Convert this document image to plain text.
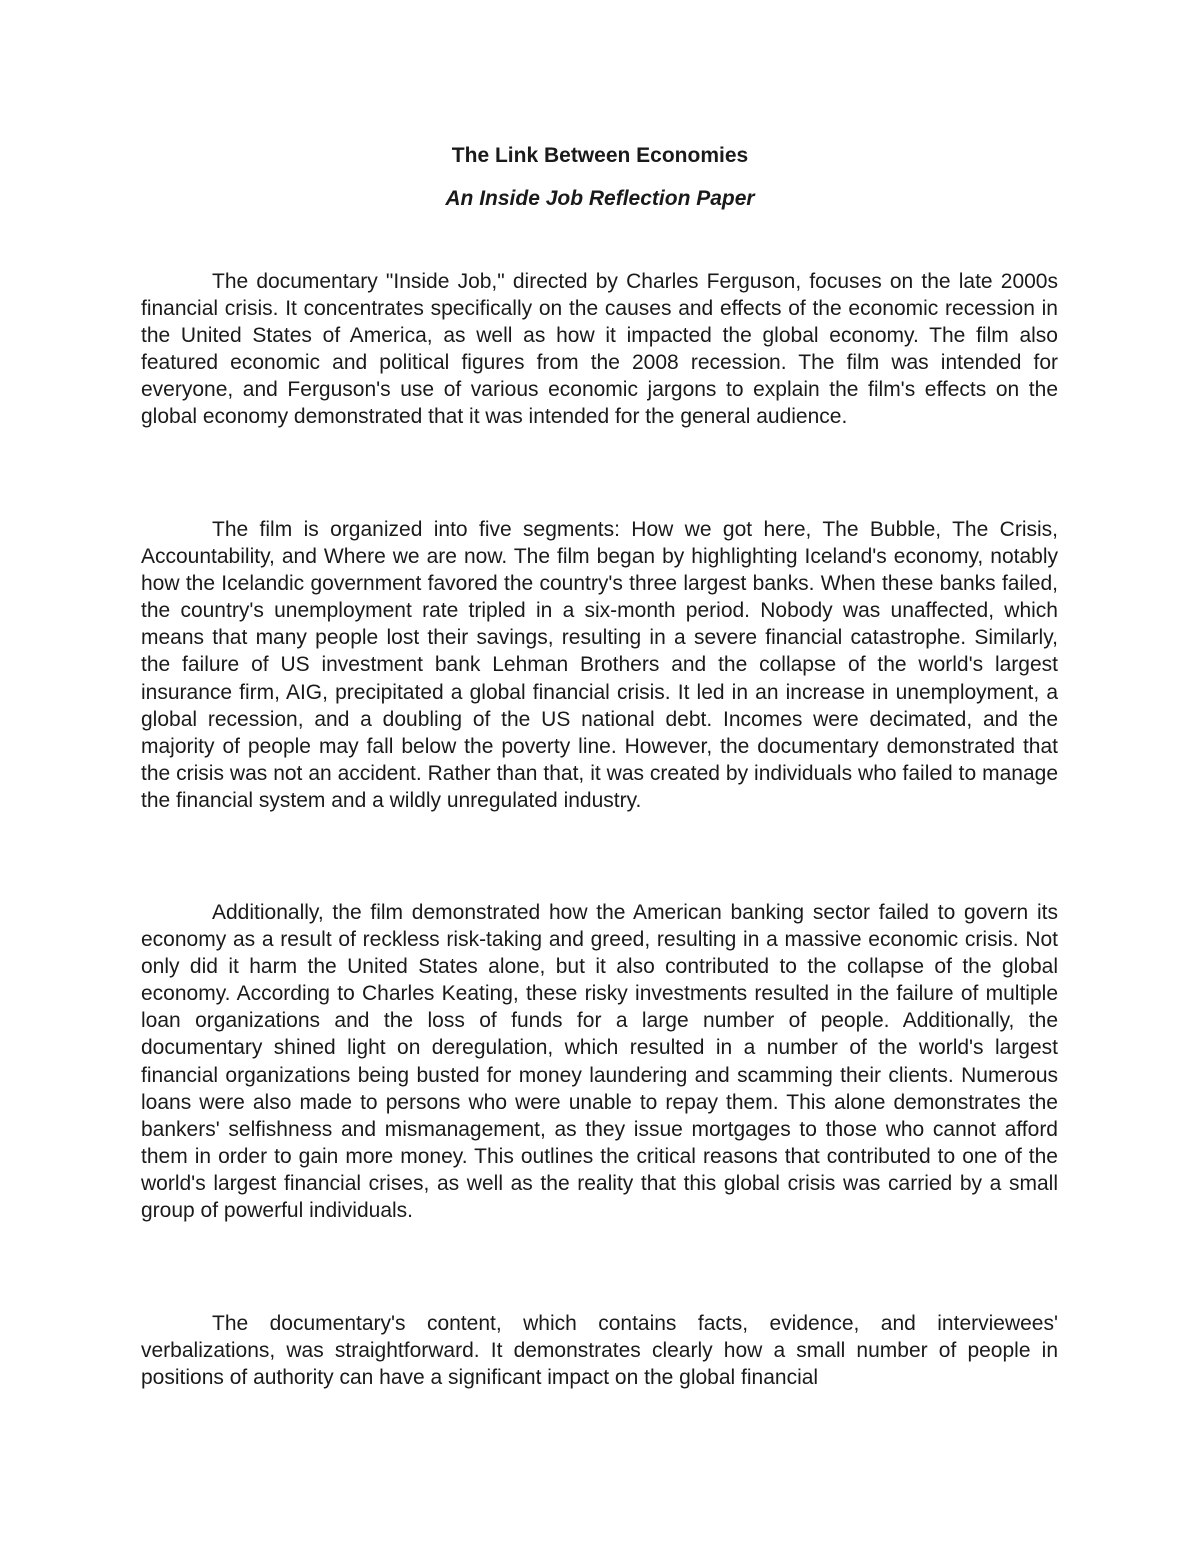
The Link Between Economies
An Inside Job Reflection Paper

The documentary "Inside Job," directed by Charles Ferguson, focuses on the late 2000s financial crisis. It concentrates specifically on the causes and effects of the economic recession in the United States of America, as well as how it impacted the global economy. The film also featured economic and political figures from the 2008 recession. The film was intended for everyone, and Ferguson's use of various economic jargons to explain the film's effects on the global economy demonstrated that it was intended for the general audience.

The film is organized into five segments: How we got here, The Bubble, The Crisis, Accountability, and Where we are now. The film began by highlighting Iceland's economy, notably how the Icelandic government favored the country's three largest banks. When these banks failed, the country's unemployment rate tripled in a six-month period. Nobody was unaffected, which means that many people lost their savings, resulting in a severe financial catastrophe. Similarly, the failure of US investment bank Lehman Brothers and the collapse of the world's largest insurance firm, AIG, precipitated a global financial crisis. It led in an increase in unemployment, a global recession, and a doubling of the US national debt. Incomes were decimated, and the majority of people may fall below the poverty line. However, the documentary demonstrated that the crisis was not an accident. Rather than that, it was created by individuals who failed to manage the financial system and a wildly unregulated industry.

Additionally, the film demonstrated how the American banking sector failed to govern its economy as a result of reckless risk-taking and greed, resulting in a massive economic crisis. Not only did it harm the United States alone, but it also contributed to the collapse of the global economy. According to Charles Keating, these risky investments resulted in the failure of multiple loan organizations and the loss of funds for a large number of people. Additionally, the documentary shined light on deregulation, which resulted in a number of the world's largest financial organizations being busted for money laundering and scamming their clients. Numerous loans were also made to persons who were unable to repay them. This alone demonstrates the bankers' selfishness and mismanagement, as they issue mortgages to those who cannot afford them in order to gain more money. This outlines the critical reasons that contributed to one of the world's largest financial crises, as well as the reality that this global crisis was carried by a small group of powerful individuals.

The documentary's content, which contains facts, evidence, and interviewees' verbalizations, was straightforward. It demonstrates clearly how a small number of people in positions of authority can have a significant impact on the global financial
